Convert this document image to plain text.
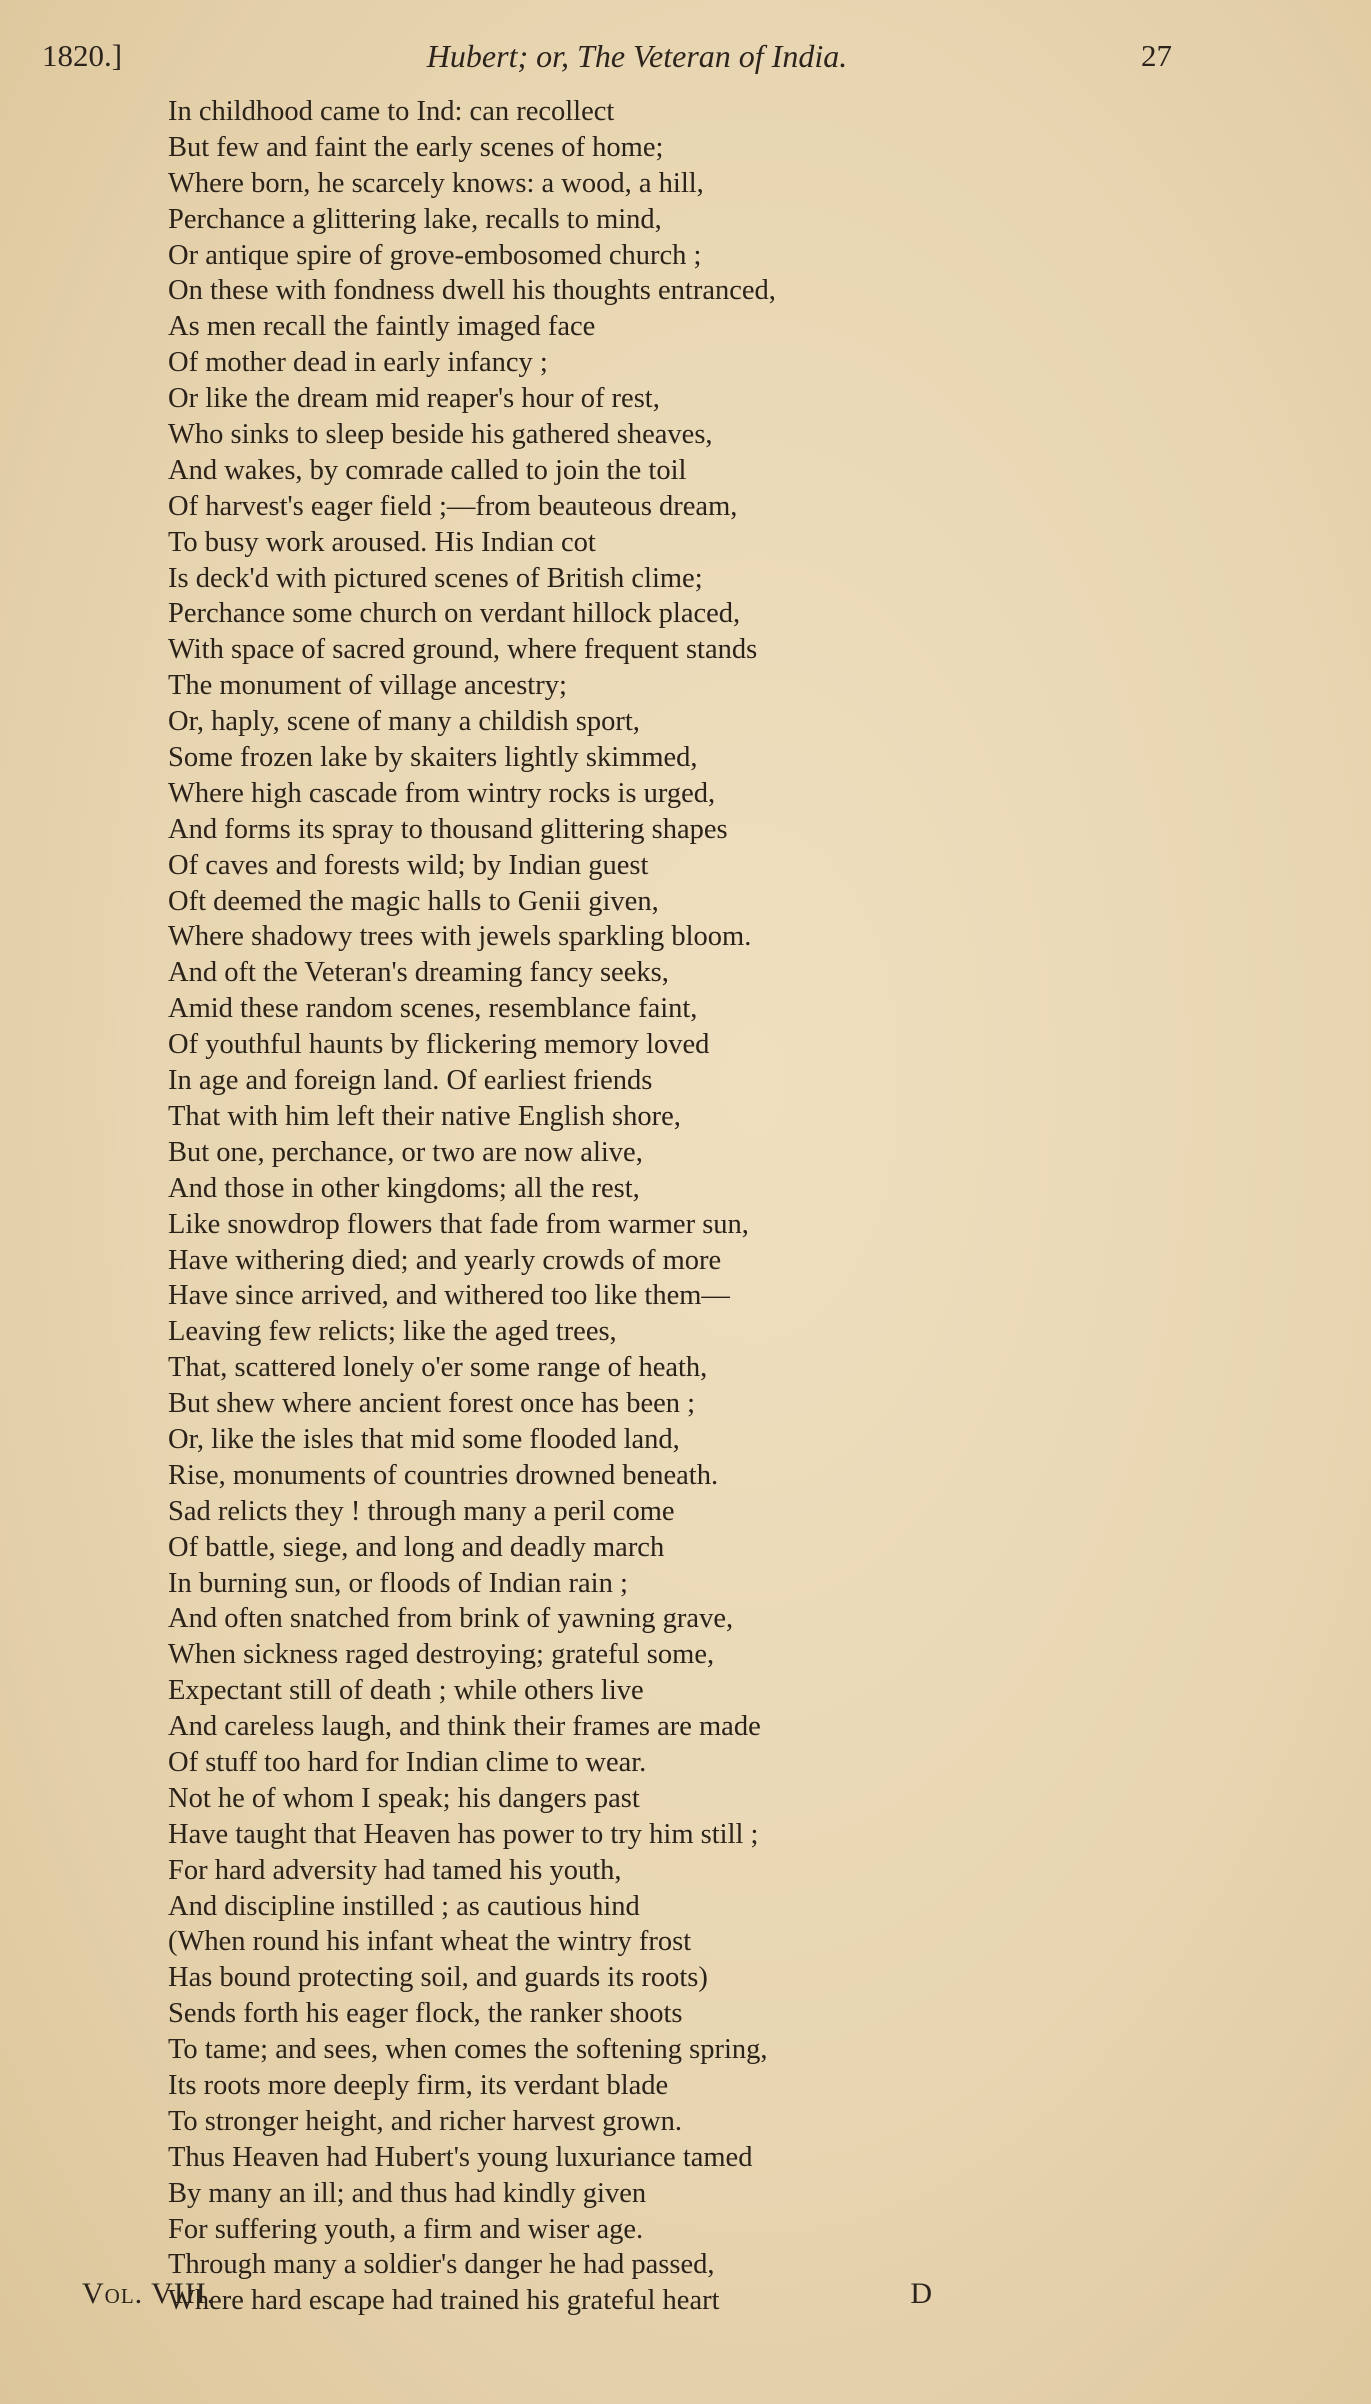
1820.]	Hubert; or, The Veteran of India.	27
In childhood came to Ind: can recollect
But few and faint the early scenes of home;
Where born, he scarcely knows: a wood, a hill,
Perchance a glittering lake, recalls to mind,
Or antique spire of grove-embosomed church ;
On these with fondness dwell his thoughts entranced,
As men recall the faintly imaged face
Of mother dead in early infancy ;
Or like the dream mid reaper's hour of rest,
Who sinks to sleep beside his gathered sheaves,
And wakes, by comrade called to join the toil
Of harvest's eager field ;—from beauteous dream,
To busy work aroused. His Indian cot
Is deck'd with pictured scenes of British clime;
Perchance some church on verdant hillock placed,
With space of sacred ground, where frequent stands
The monument of village ancestry;
Or, haply, scene of many a childish sport,
Some frozen lake by skaiters lightly skimmed,
Where high cascade from wintry rocks is urged,
And forms its spray to thousand glittering shapes
Of caves and forests wild; by Indian guest
Oft deemed the magic halls to Genii given,
Where shadowy trees with jewels sparkling bloom.
And oft the Veteran's dreaming fancy seeks,
Amid these random scenes, resemblance faint,
Of youthful haunts by flickering memory loved
In age and foreign land. Of earliest friends
That with him left their native English shore,
But one, perchance, or two are now alive,
And those in other kingdoms; all the rest,
Like snowdrop flowers that fade from warmer sun,
Have withering died; and yearly crowds of more
Have since arrived, and withered too like them—
Leaving few relicts; like the aged trees,
That, scattered lonely o'er some range of heath,
But shew where ancient forest once has been ;
Or, like the isles that mid some flooded land,
Rise, monuments of countries drowned beneath.
Sad relicts they ! through many a peril come
Of battle, siege, and long and deadly march
In burning sun, or floods of Indian rain ;
And often snatched from brink of yawning grave,
When sickness raged destroying; grateful some,
Expectant still of death ; while others live
And careless laugh, and think their frames are made
Of stuff too hard for Indian clime to wear.
Not he of whom I speak; his dangers past
Have taught that Heaven has power to try him still ;
For hard adversity had tamed his youth,
And discipline instilled ; as cautious hind
(When round his infant wheat the wintry frost
Has bound protecting soil, and guards its roots)
Sends forth his eager flock, the ranker shoots
To tame; and sees, when comes the softening spring,
Its roots more deeply firm, its verdant blade
To stronger height, and richer harvest grown.
Thus Heaven had Hubert's young luxuriance tamed
By many an ill; and thus had kindly given
For suffering youth, a firm and wiser age.
Through many a soldier's danger he had passed,
Where hard escape had trained his grateful heart
Vol. VIII.	D
